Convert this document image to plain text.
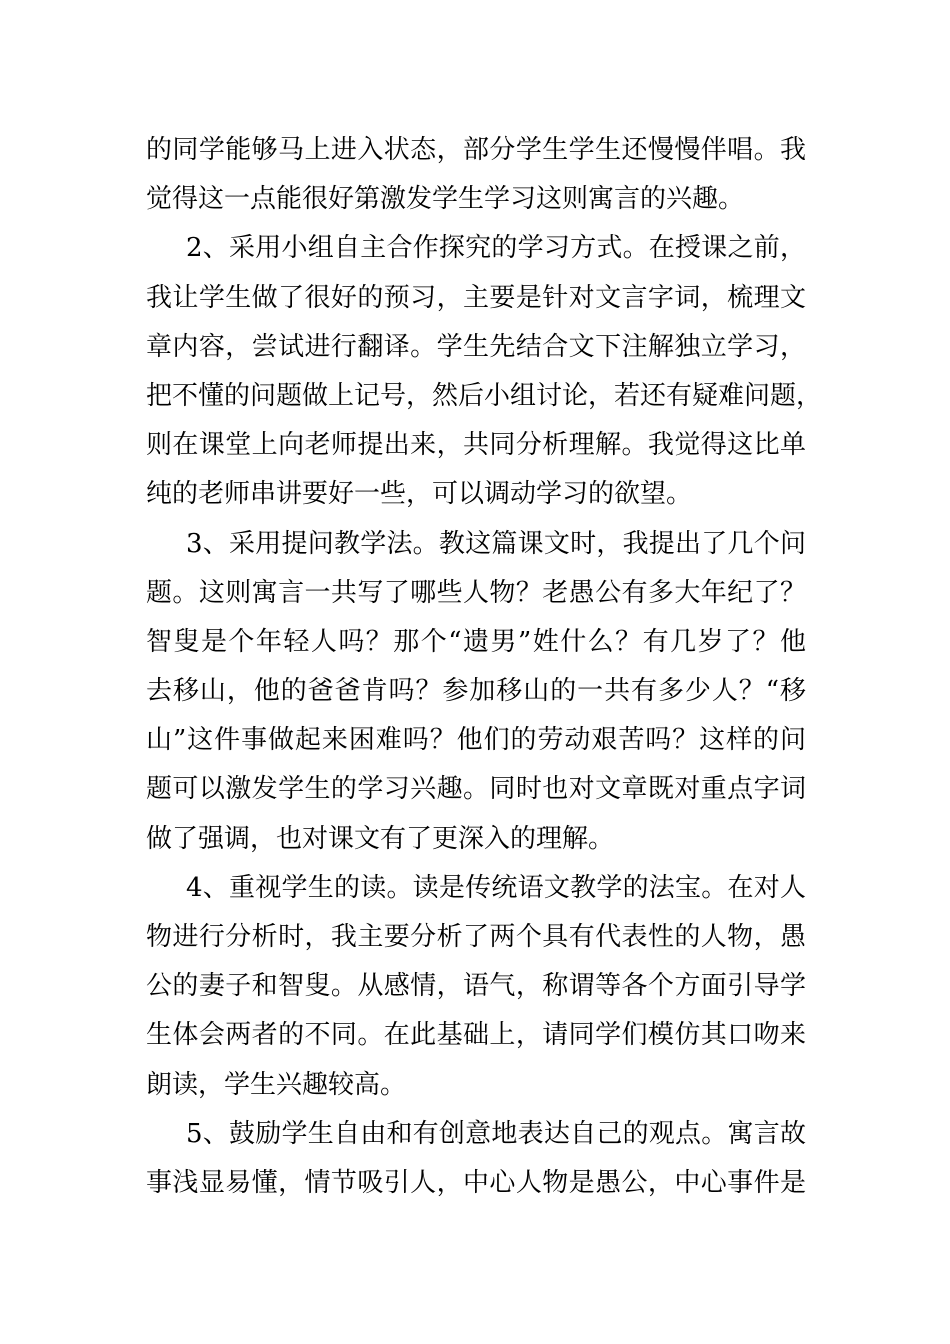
的同学能够马上进入状态，部分学生学生还慢慢伴唱。我
觉得这一点能很好第激发学生学习这则寓言的兴趣。
2、采用小组自主合作探究的学习方式。在授课之前，
我让学生做了很好的预习，主要是针对文言字词，梳理文
章内容，尝试进行翻译。学生先结合文下注解独立学习，
把不懂的问题做上记号，然后小组讨论，若还有疑难问题，
则在课堂上向老师提出来，共同分析理解。我觉得这比单
纯的老师串讲要好一些，可以调动学习的欲望。
3、采用提问教学法。教这篇课文时，我提出了几个问
题。这则寓言一共写了哪些人物？老愚公有多大年纪了？
智叟是个年轻人吗？那个“遗男”姓什么？有几岁了？他
去移山，他的爸爸肯吗？参加移山的一共有多少人？“移
山”这件事做起来困难吗？他们的劳动艰苦吗？这样的问
题可以激发学生的学习兴趣。同时也对文章既对重点字词
做了强调，也对课文有了更深入的理解。
4、重视学生的读。读是传统语文教学的法宝。在对人
物进行分析时，我主要分析了两个具有代表性的人物，愚
公的妻子和智叟。从感情，语气，称谓等各个方面引导学
生体会两者的不同。在此基础上，请同学们模仿其口吻来
朗读，学生兴趣较高。
5、鼓励学生自由和有创意地表达自己的观点。寓言故
事浅显易懂，情节吸引人，中心人物是愚公，中心事件是
